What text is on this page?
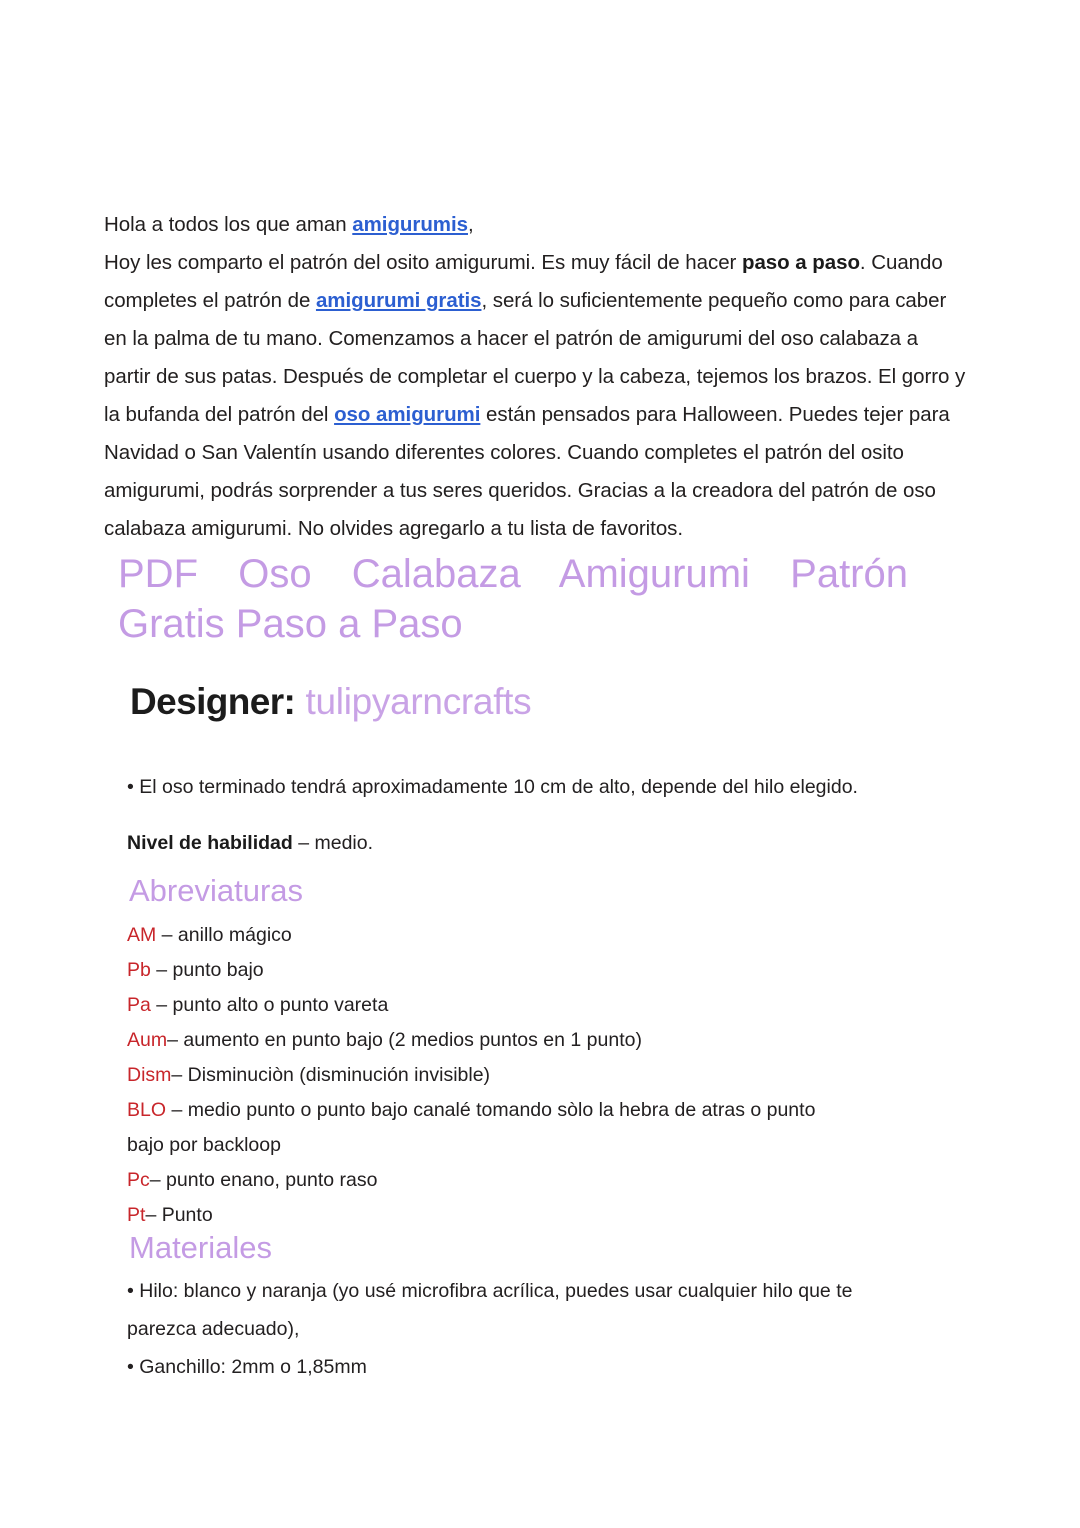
Hola a todos los que aman amigurumis,
Hoy les comparto el patrón del osito amigurumi. Es muy fácil de hacer paso a paso. Cuando
completes el patrón de amigurumi gratis, será lo suficientemente pequeño como para caber
en la palma de tu mano. Comenzamos a hacer el patrón de amigurumi del oso calabaza a
partir de sus patas. Después de completar el cuerpo y la cabeza, tejemos los brazos. El gorro y
la bufanda del patrón del oso amigurumi están pensados para Halloween. Puedes tejer para
Navidad o San Valentín usando diferentes colores. Cuando completes el patrón del osito
amigurumi, podrás sorprender a tus seres queridos. Gracias a la creadora del patrón de oso
calabaza amigurumi. No olvides agregarlo a tu lista de favoritos.
PDF Oso Calabaza Amigurumi Patrón
Gratis Paso a Paso
Designer: tulipyarncrafts
• El oso terminado tendrá aproximadamente 10 cm de alto, depende del hilo elegido.
Nivel de habilidad – medio.
Abreviaturas
AM – anillo mágico
Pb – punto bajo
Pa – punto alto o punto vareta
Aum– aumento en punto bajo (2 medios puntos en 1 punto)
Dism– Disminuciòn (disminución invisible)
BLO – medio punto o punto bajo canalé tomando sòlo la hebra de atras o punto
bajo por backloop
Pc– punto enano, punto raso
Pt– Punto
Materiales
• Hilo: blanco y naranja (yo usé microfibra acrílica, puedes usar cualquier hilo que te
parezca adecuado),
• Ganchillo: 2mm o 1,85mm
